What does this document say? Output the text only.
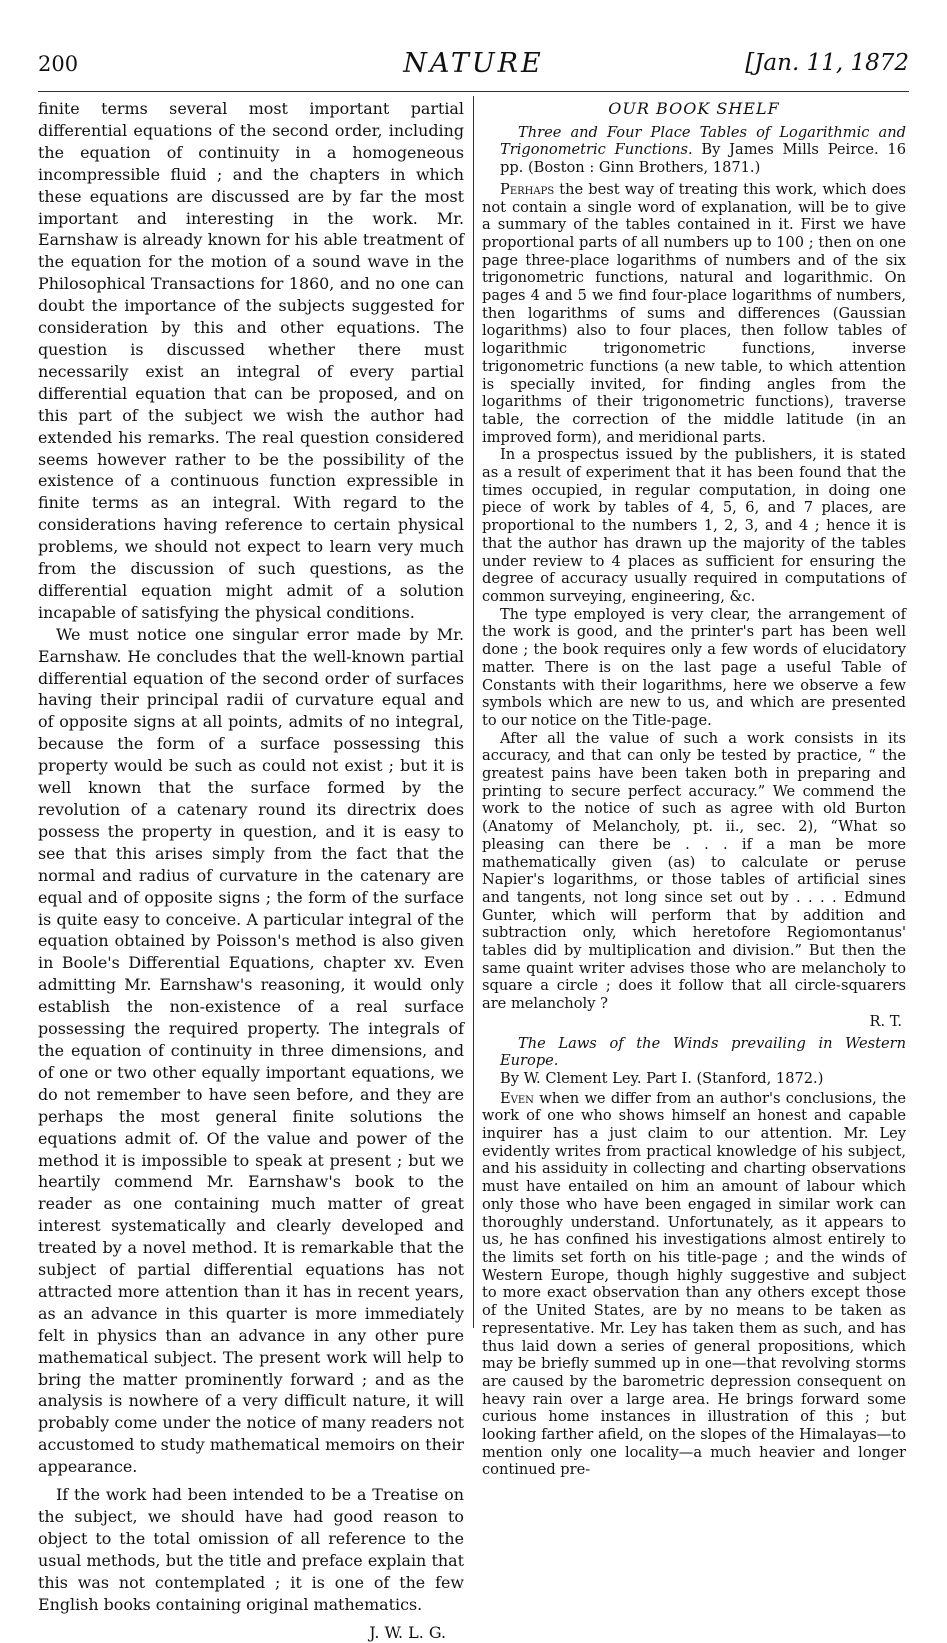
200	NATURE	[Jan. 11, 1872

finite terms several most important partial differential equations of the second order, including the equation of continuity in a homogeneous incompressible fluid ; and the chapters in which these equations are discussed are by far the most important and interesting in the work. Mr. Earnshaw is already known for his able treatment of the equation for the motion of a sound wave in the Philosophical Transactions for 1860, and no one can doubt the importance of the subjects suggested for consideration by this and other equations. The question is discussed whether there must necessarily exist an integral of every partial differential equation that can be proposed, and on this part of the subject we wish the author had extended his remarks. The real question considered seems however rather to be the possibility of the existence of a continuous function expressible in finite terms as an integral. With regard to the considerations having reference to certain physical problems, we should not expect to learn very much from the discussion of such questions, as the differential equation might admit of a solution incapable of satisfying the physical conditions.

We must notice one singular error made by Mr. Earnshaw. He concludes that the well-known partial differential equation of the second order of surfaces having their principal radii of curvature equal and of opposite signs at all points, admits of no integral, because the form of a surface possessing this property would be such as could not exist ; but it is well known that the surface formed by the revolution of a catenary round its directrix does possess the property in question, and it is easy to see that this arises simply from the fact that the normal and radius of curvature in the catenary are equal and of opposite signs ; the form of the surface is quite easy to conceive. A particular integral of the equation obtained by Poisson's method is also given in Boole's Differential Equations, chapter xv. Even admitting Mr. Earnshaw's reasoning, it would only establish the non-existence of a real surface possessing the required property. The integrals of the equation of continuity in three dimensions, and of one or two other equally important equations, we do not remember to have seen before, and they are perhaps the most general finite solutions the equations admit of. Of the value and power of the method it is impossible to speak at present ; but we heartily commend Mr. Earnshaw's book to the reader as one containing much matter of great interest systematically and clearly developed and treated by a novel method. It is remarkable that the subject of partial differential equations has not attracted more attention than it has in recent years, as an advance in this quarter is more immediately felt in physics than an advance in any other pure mathematical subject. The present work will help to bring the matter prominently forward ; and as the analysis is nowhere of a very difficult nature, it will probably come under the notice of many readers not accustomed to study mathematical memoirs on their appearance.

If the work had been intended to be a Treatise on the subject, we should have had good reason to object to the total omission of all reference to the usual methods, but the title and preface explain that this was not contemplated ; it is one of the few English books containing original mathematics.

J. W. L. G.
OUR BOOK SHELF

Three and Four Place Tables of Logarithmic and Trigonometric Functions. By James Mills Peirce. 16 pp. (Boston : Ginn Brothers, 1871.)

Perhaps the best way of treating this work, which does not contain a single word of explanation, will be to give a summary of the tables contained in it. First we have proportional parts of all numbers up to 100 ; then on one page three-place logarithms of numbers and of the six trigonometric functions, natural and logarithmic. On pages 4 and 5 we find four-place logarithms of numbers, then logarithms of sums and differences (Gaussian logarithms) also to four places, then follow tables of logarithmic trigonometric functions, inverse trigonometric functions (a new table, to which attention is specially invited, for finding angles from the logarithms of their trigonometric functions), traverse table, the correction of the middle latitude (in an improved form), and meridional parts.

In a prospectus issued by the publishers, it is stated as a result of experiment that it has been found that the times occupied, in regular computation, in doing one piece of work by tables of 4, 5, 6, and 7 places, are proportional to the numbers 1, 2, 3, and 4 ; hence it is that the author has drawn up the majority of the tables under review to 4 places as sufficient for ensuring the degree of accuracy usually required in computations of common surveying, engineering, &c.

The type employed is very clear, the arrangement of the work is good, and the printer's part has been well done ; the book requires only a few words of elucidatory matter. There is on the last page a useful Table of Constants with their logarithms, here we observe a few symbols which are new to us, and which are presented to our notice on the Title-page.

After all the value of such a work consists in its accuracy, and that can only be tested by practice, “ the greatest pains have been taken both in preparing and printing to secure perfect accuracy.” We commend the work to the notice of such as agree with old Burton (Anatomy of Melancholy, pt. ii., sec. 2), “What so pleasing can there be . . . if a man be more mathematically given (as) to calculate or peruse Napier's logarithms, or those tables of artificial sines and tangents, not long since set out by . . . . Edmund Gunter, which will perform that by addition and subtraction only, which heretofore Regiomontanus' tables did by multiplication and division.” But then the same quaint writer advises those who are melancholy to square a circle ; does it follow that all circle-squarers are melancholy ?

R. T.

The Laws of the Winds prevailing in Western Europe.
By W. Clement Ley. Part I. (Stanford, 1872.)

Even when we differ from an author's conclusions, the work of one who shows himself an honest and capable inquirer has a just claim to our attention. Mr. Ley evidently writes from practical knowledge of his subject, and his assiduity in collecting and charting observations must have entailed on him an amount of labour which only those who have been engaged in similar work can thoroughly understand. Unfortunately, as it appears to us, he has confined his investigations almost entirely to the limits set forth on his title-page ; and the winds of Western Europe, though highly suggestive and subject to more exact observation than any others except those of the United States, are by no means to be taken as representative. Mr. Ley has taken them as such, and has thus laid down a series of general propositions, which may be briefly summed up in one—that revolving storms are caused by the barometric depression consequent on heavy rain over a large area. He brings forward some curious home instances in illustration of this ; but looking farther afield, on the slopes of the Himalayas—to mention only one locality—a much heavier and longer continued pre-
